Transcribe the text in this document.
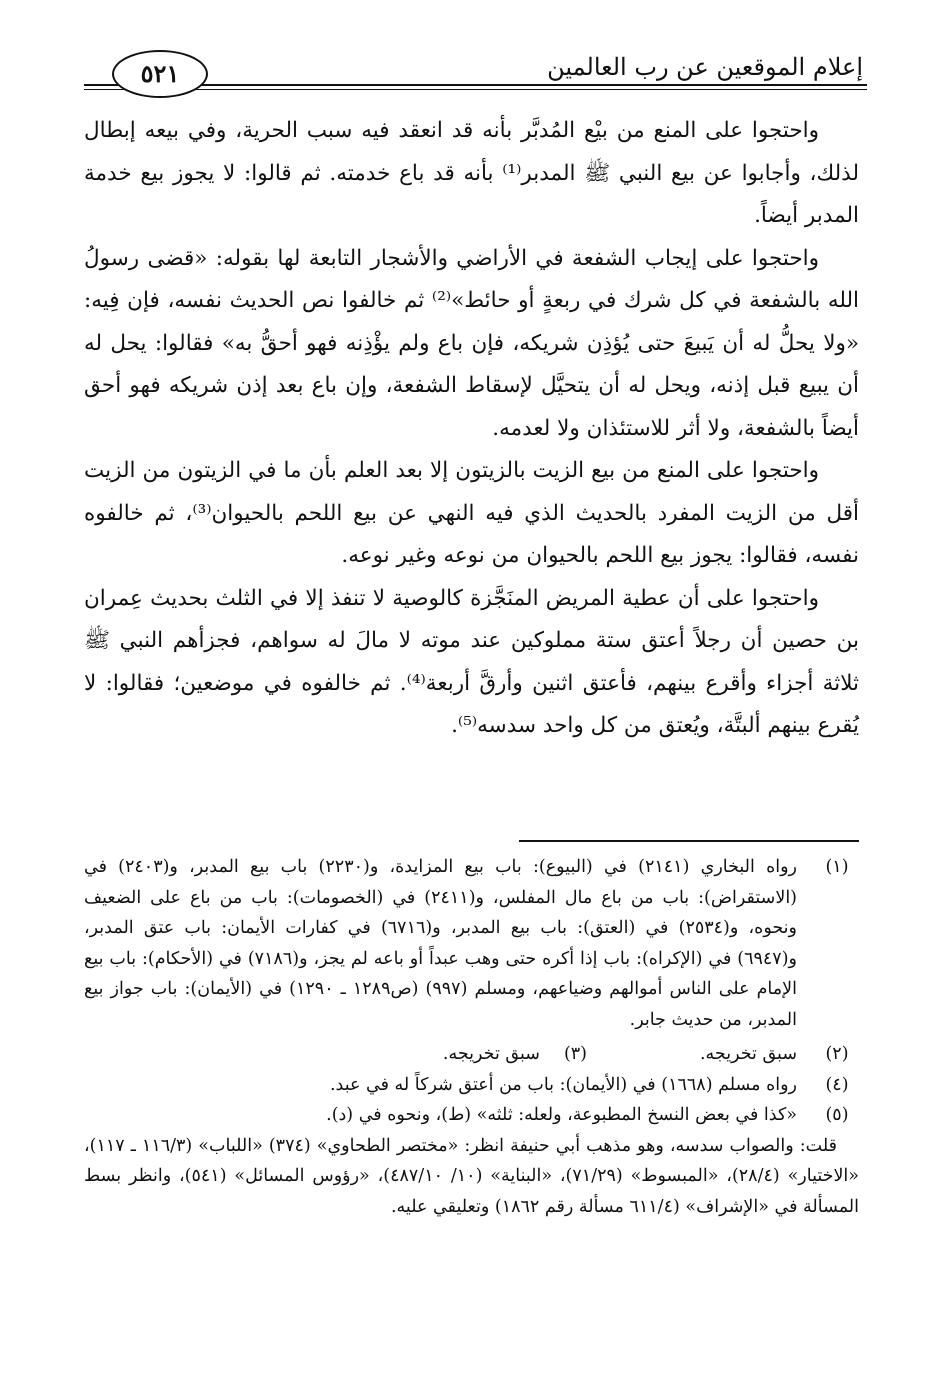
إعلام الموقعين عن رب العالمين
٥٢١

واحتجوا على المنع من بيْع المُدبَّر بأنه قد انعقد فيه سبب الحرية، وفي بيعه إبطال لذلك، وأجابوا عن بيع النبي ﷺ المدبر⁽¹⁾ بأنه قد باع خدمته. ثم قالوا: لا يجوز بيع خدمة المدبر أيضاً.

واحتجوا على إيجاب الشفعة في الأراضي والأشجار التابعة لها بقوله: «قضى رسولُ الله بالشفعة في كل شرك في ربعةٍ أو حائط»⁽²⁾ ثم خالفوا نص الحديث نفسه، فإن فِيه: «ولا يحلُّ له أن يَبيعَ حتى يُؤذِن شريكه، فإن باع ولم يؤْذِنه فهو أحقُّ به» فقالوا: يحل له أن يبيع قبل إذنه، ويحل له أن يتحيَّل لإسقاط الشفعة، وإن باع بعد إذن شريكه فهو أحق أيضاً بالشفعة، ولا أثر للاستئذان ولا لعدمه.

واحتجوا على المنع من بيع الزيت بالزيتون إلا بعد العلم بأن ما في الزيتون من الزيت أقل من الزيت المفرد بالحديث الذي فيه النهي عن بيع اللحم بالحيوان⁽³⁾، ثم خالفوه نفسه، فقالوا: يجوز بيع اللحم بالحيوان من نوعه وغير نوعه.

واحتجوا على أن عطية المريض المنَجَّزة كالوصية لا تنفذ إلا في الثلث بحديث عِمران بن حصين أن رجلاً أعتق ستة مملوكين عند موته لا مالَ له سواهم، فجزأهم النبي ﷺ ثلاثة أجزاء وأقرع بينهم، فأعتق اثنين وأرقَّ أربعة⁽⁴⁾. ثم خالفوه في موضعين؛ فقالوا: لا يُقرع بينهم ألبتَّة، ويُعتق من كل واحد سدسه⁽⁵⁾.

(١)
رواه البخاري (٢١٤١) في (البيوع): باب بيع المزايدة، و(٢٢٣٠) باب بيع المدبر، و(٢٤٠٣) في (الاستقراض): باب من باع مال المفلس، و(٢٤١١) في (الخصومات): باب من باع على الضعيف ونحوه، و(٢٥٣٤) في (العتق): باب بيع المدبر، و(٦٧١٦) في كفارات الأيمان: باب عتق المدبر، و(٦٩٤٧) في (الإكراه): باب إذا أكره حتى وهب عبداً أو باعه لم يجز، و(٧١٨٦) في (الأحكام): باب بيع الإمام على الناس أموالهم وضياعهم، ومسلم (٩٩٧) (ص١٢٨٩ ـ ١٢٩٠) في (الأيمان): باب جواز بيع المدبر، من حديث جابر.
(٢)
سبق تخريجه.
(٣)
سبق تخريجه.
(٤)
رواه مسلم (١٦٦٨) في (الأيمان): باب من أعتق شركاً له في عبد.
(٥)
«كذا في بعض النسخ المطبوعة، ولعله: ثلثه» (ط)، ونحوه في (د).
قلت: والصواب سدسه، وهو مذهب أبي حنيفة انظر: «مختصر الطحاوي» (٣٧٤) «اللباب» (١١٦/٣ ـ ١١٧)، «الاختيار» (٢٨/٤)، «المبسوط» (٧١/٢٩)، «البناية» (١٠/ ٤٨٧/١٠)، «رؤوس المسائل» (٥٤١)، وانظر بسط المسألة في «الإشراف» (٦١١/٤ مسألة رقم ١٨٦٢) وتعليقي عليه.
